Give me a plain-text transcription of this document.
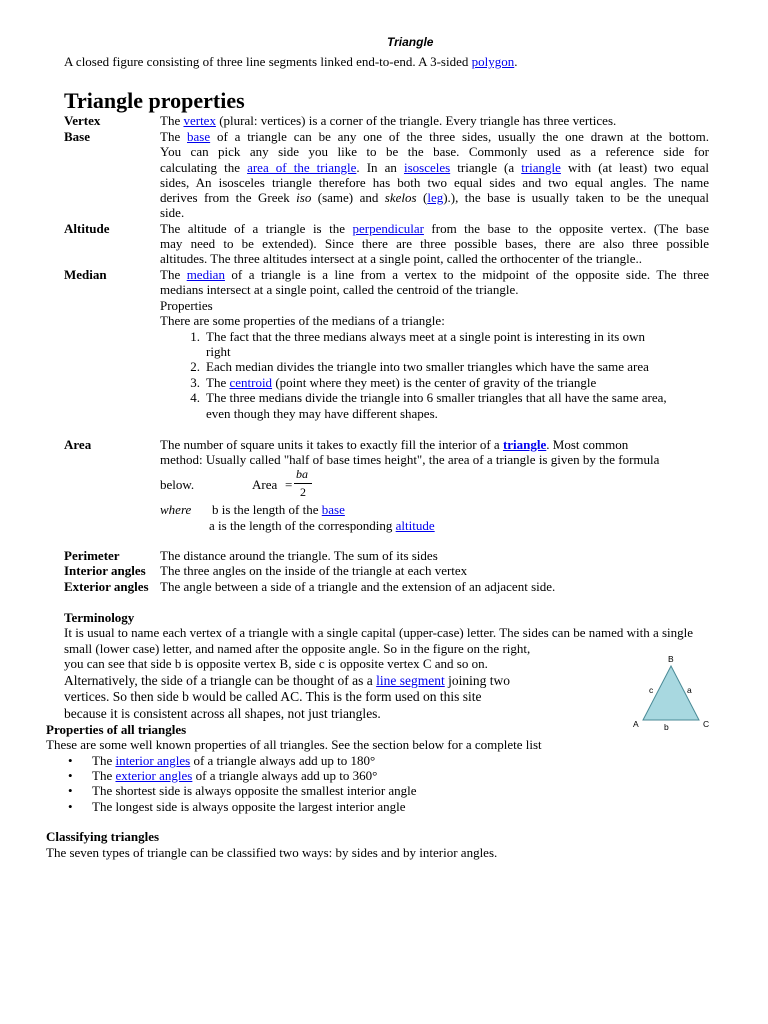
Triangle
A closed figure consisting of three line segments linked end-to-end. A 3-sided polygon.
Triangle properties
Vertex	The vertex (plural: vertices) is a corner of the triangle. Every triangle has three vertices.
Base	The base of a triangle can be any one of the three sides, usually the one drawn at the bottom.
You can pick any side you like to be the base. Commonly used as a reference side for
calculating the area of the triangle. In an isosceles triangle (a triangle with (at least) two equal
sides, An isosceles triangle therefore has both two equal sides and two equal angles. The name
derives from the Greek iso (same) and skelos (leg).), the base is usually taken to be the unequal
side.
Altitude	The altitude of a triangle is the perpendicular from the base to the opposite vertex. (The base
may need to be extended). Since there are three possible bases, there are also three possible
altitudes. The three altitudes intersect at a single point, called the orthocenter of the triangle..
Median	The median of a triangle is a line from a vertex to the midpoint of the opposite side. The three
medians intersect at a single point, called the centroid of the triangle.
Properties
There are some properties of the medians of a triangle:
1. The fact that the three medians always meet at a single point is interesting in its own
right
2. Each median divides the triangle into two smaller triangles which have the same area
3. The centroid (point where they meet) is the center of gravity of the triangle
4. The three medians divide the triangle into 6 smaller triangles that all have the same area,
even though they may have different shapes.
Area	The number of square units it takes to exactly fill the interior of a triangle. Most common
method: Usually called "half of base times height", the area of a triangle is given by the formula
below.	Area =
ba
2
where b is the length of the base
a is the length of the corresponding altitude
Perimeter	The distance around the triangle. The sum of its sides
Interior angles The three angles on the inside of the triangle at each vertex
Exterior angles The angle between a side of a triangle and the extension of an adjacent side.
Terminology
It is usual to name each vertex of a triangle with a single capital (upper-case) letter. The sides can be named with a single
small (lower case) letter, and named after the opposite angle. So in the figure on the right,
you can see that side b is opposite vertex B, side c is opposite vertex C and so on.
Alternatively, the side of a triangle can be thought of as a line segment joining two
vertices. So then side b would be called AC. This is the form used on this site
because it is consistent across all shapes, not just triangles.
B
A	C
c	a
b
Properties of all triangles
These are some well known properties of all triangles. See the section below for a complete list
• The interior angles of a triangle always add up to 180°
• The exterior angles of a triangle always add up to 360°
• The shortest side is always opposite the smallest interior angle
• The longest side is always opposite the largest interior angle
Classifying triangles
The seven types of triangle can be classified two ways: by sides and by interior angles.
